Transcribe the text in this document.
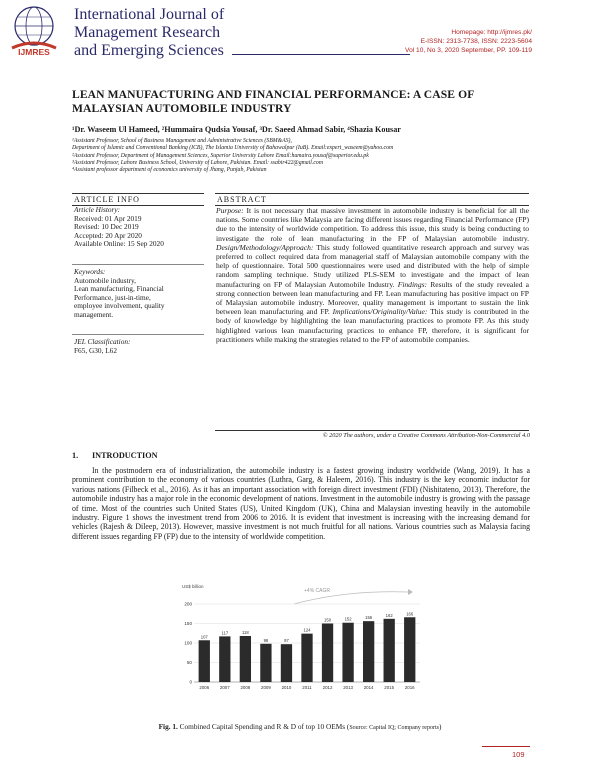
IJMRES
International Journal of
Management Research
and Emerging Sciences
Homepage: http://ijmres.pk/
E-ISSN: 2313-7738, ISSN: 2223-5604
Vol 10, No 3, 2020 September, PP. 109-119
LEAN MANUFACTURING AND FINANCIAL PERFORMANCE: A CASE OF
MALAYSIAN AUTOMOBILE INDUSTRY
¹Dr. Waseem Ul Hameed, ²Hummaira Qudsia Yousaf, ³Dr. Saeed Ahmad Sabir, ⁴Shazia Kousar
¹Assistant Professor, School of Business Management and Administrative Sciences (SBM&AS),
Department of Islamic and Conventional Banking (ICB), The Islamia University of Bahawalpur (IuB). Email:expert_waseem@yahoo.com
²Assistant Professor, Department of Management Sciences, Superior University Lahore Email:humaira.yousaf@superior.edu.pk
³Assistant Professor, Lahore Business School, University of Lahore, Pakistan. Email: ssabir422@gmail.com
⁴Assistant professor department of economics university of Jhang, Punjab, Pakistan
ARTICLE INFO	ABSTRACT
Article History:
Received: 01 Apr 2019
Revised: 10 Dec 2019
Accepted: 20 Apr 2020
Available Online: 15 Sep 2020
Keywords:
Automobile industry,
Lean manufacturing, Financial
Performance, just-in-time,
employee involvement, quality
management.
JEL Classification:
F65, G30, L62
Purpose: It is not necessary that massive investment in automobile industry is beneficial for all the nations. Some countries like Malaysia are facing different issues regarding Financial Performance (FP) due to the intensity of worldwide competition. To address this issue, this study is being conducting to investigate the role of lean manufacturing in the FP of Malaysian automobile industry. Design/Methodology/Approach: This study followed quantitative research approach and survey was preferred to collect required data from managerial staff of Malaysian automobile company with the help of questionnaire. Total 500 questionnaires were used and distributed with the help of simple random sampling technique. Study utilized PLS-SEM to investigate and the impact of lean manufacturing on FP of Malaysian Automobile Industry. Findings: Results of the study revealed a strong connection between lean manufacturing and FP. Lean manufacturing has positive impact on FP of Malaysian automobile industry. Moreover, quality management is important to sustain the link between lean manufacturing and FP. Implications/Originality/Value: This study is contributed in the body of knowledge by highlighting the lean manufacturing practices to promote FP. As this study highlighted various lean manufacturing practices to enhance FP, therefore, it is significant for practitioners while making the strategies related to the FP of automobile companies.
© 2020 The authors, under a Creative Commons Attribution-Non-Commercial 4.0
1. INTRODUCTION
In the postmodern era of industrialization, the automobile industry is a fastest growing industry worldwide (Wang, 2019). It has a prominent contribution to the economy of various countries (Luthra, Garg, & Haleem, 2016). This industry is the key economic inductor for various nations (Filbeck et al., 2016). As it has an important association with foreign direct investment (FDI) (Nishitateno, 2013). Therefore, the automobile industry has a major role in the economic development of nations. Investment in the automobile industry is growing with the passage of time. Most of the countries such United States (US), United Kingdom (UK), China and Malaysian investing heavily in the automobile industry. Figure 1 shows the investment trend from 2006 to 2016. It is evident that investment is increasing with the increasing demand for vehicles (Rajesh & Dileep, 2013). However, massive investment is not much fruitful for all nations. Various countries such as Malaysia facing different issues regarding FP (FP) due to the intensity of worldwide competition.
US$ billion
+4% CAGR
0
50
100
150
200
107
2006
117
2007
118
2008
98
2009
97
2010
124
2011
150
2012
152
2013
156
2014
162
2015
166
2016
Fig. 1. Combined Capital Spending and R & D of top 10 OEMs (Source: Capital IQ; Company reports)
109
